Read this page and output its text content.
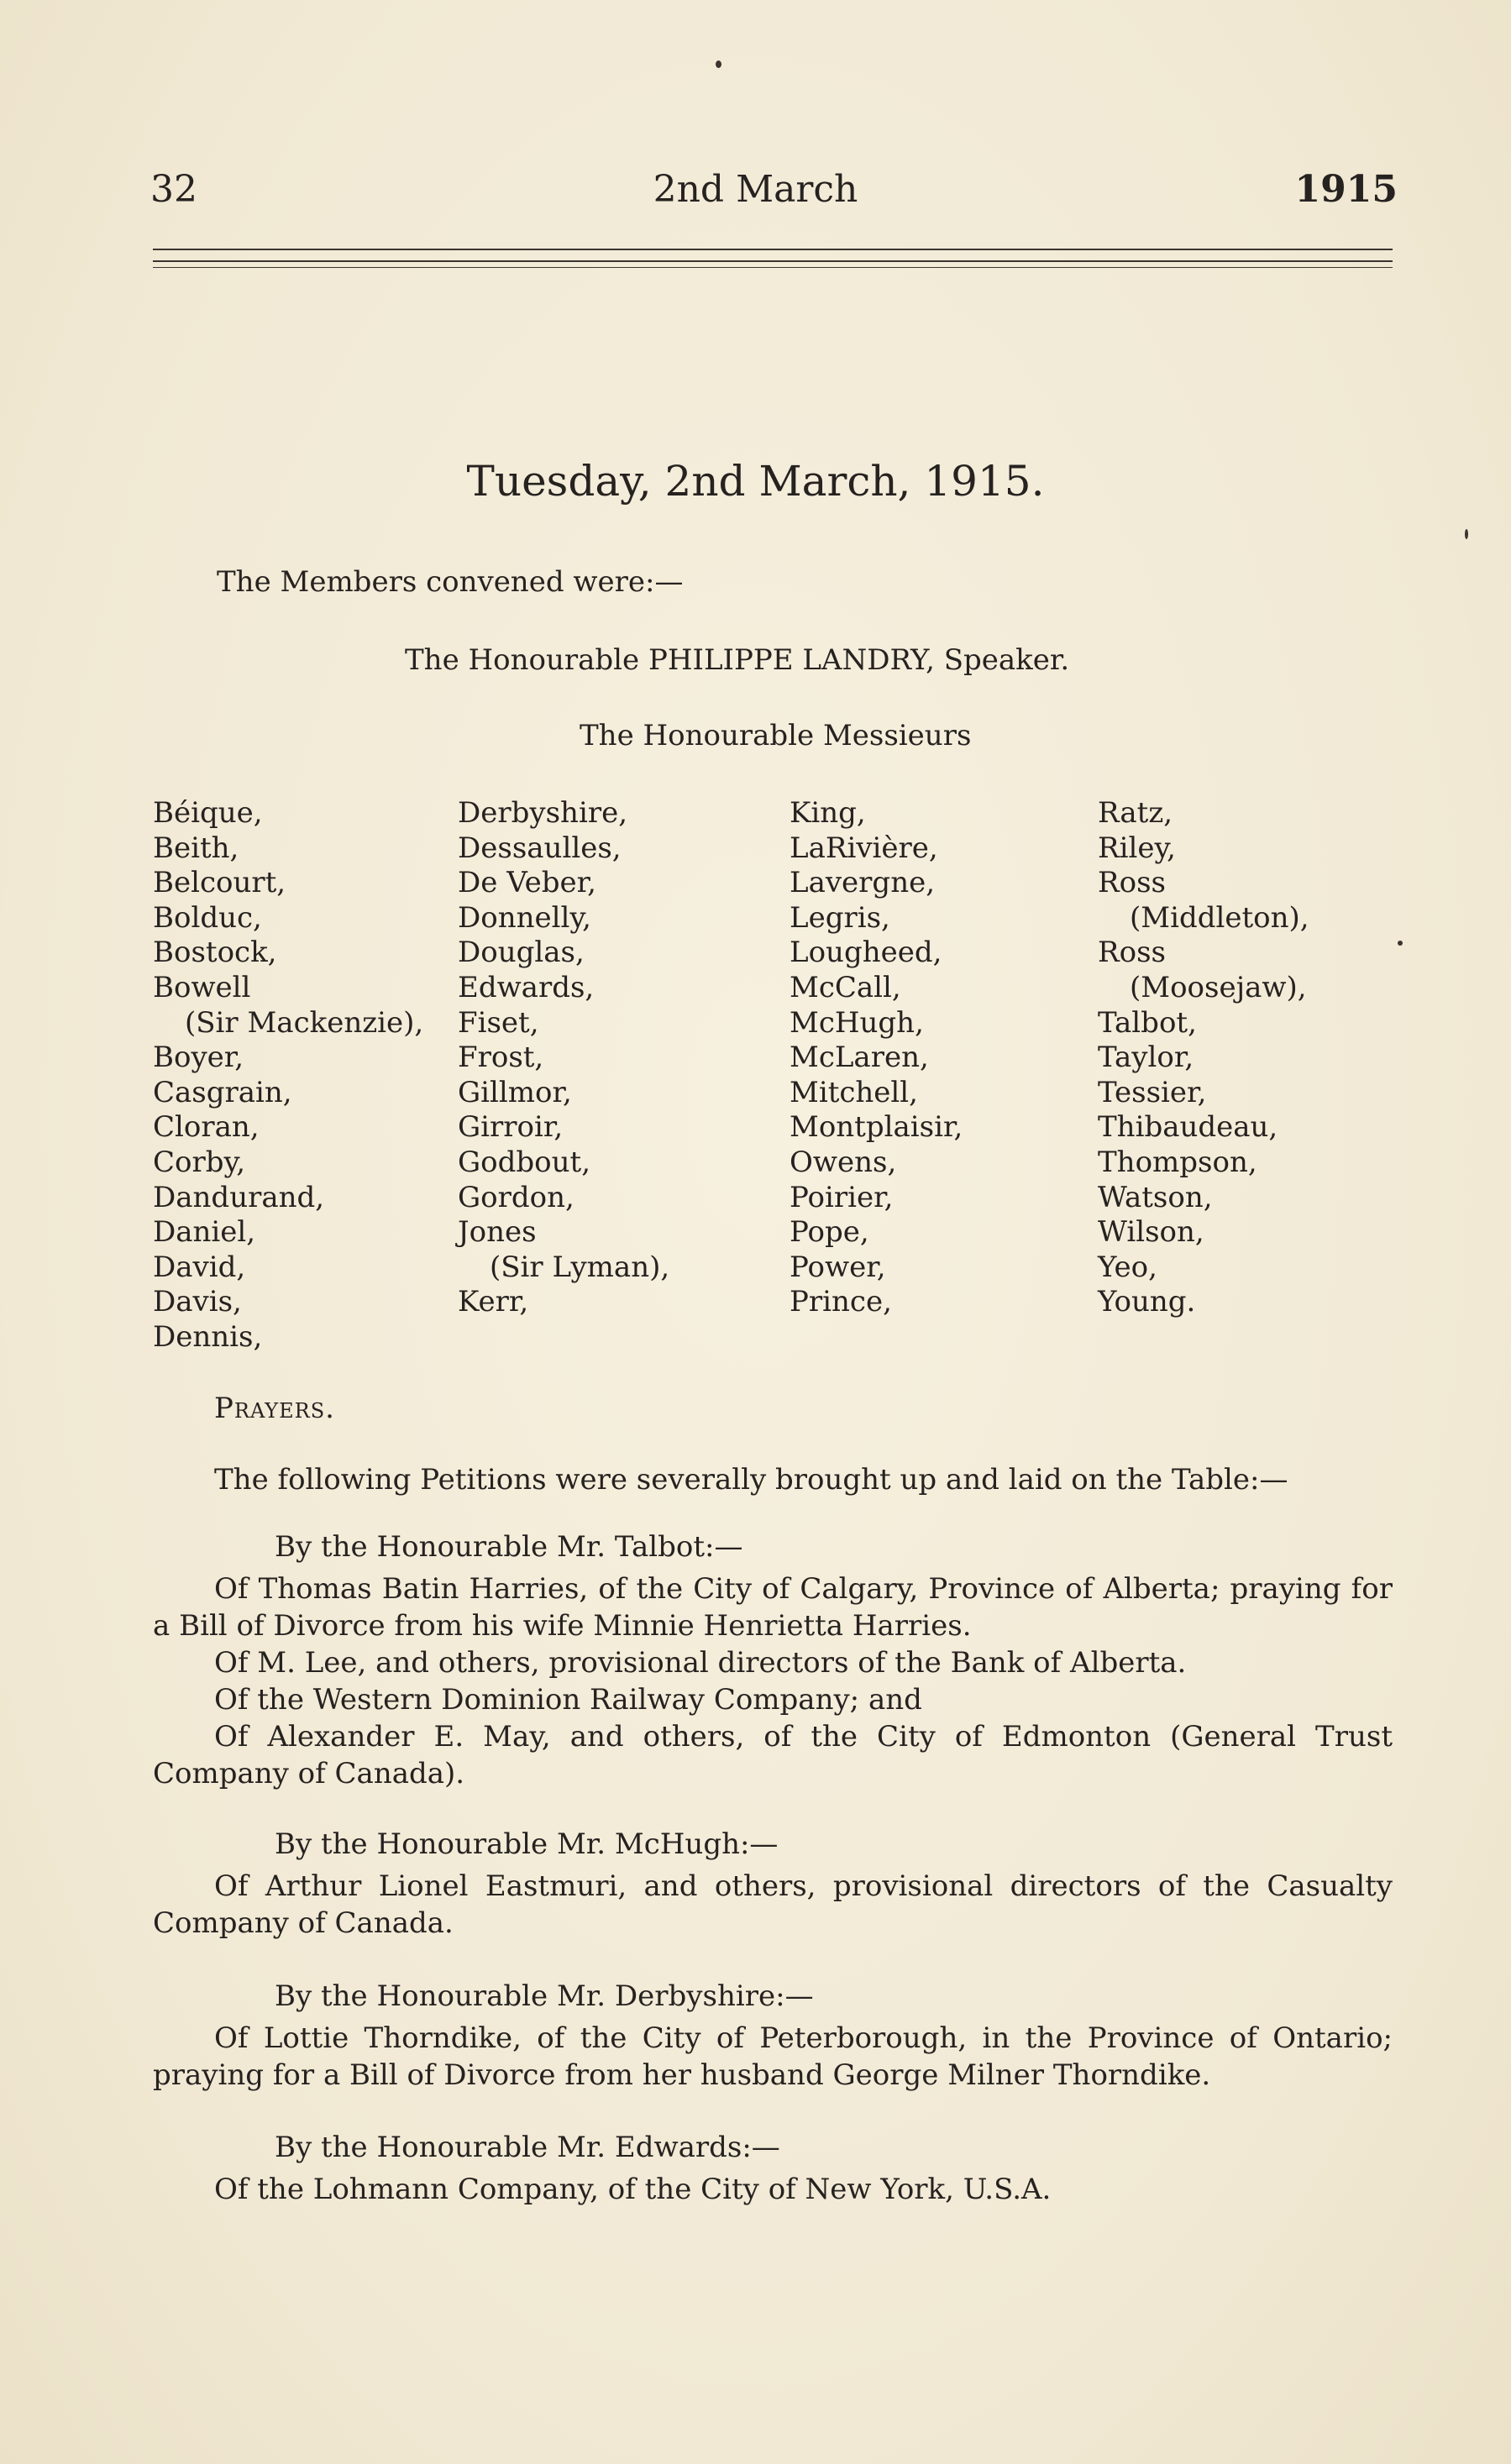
32	2nd March	1915
Tuesday, 2nd March, 1915.
The Members convened were:—
The Honourable PHILIPPE LANDRY, Speaker.
The Honourable Messieurs
Béique,
Beith,
Belcourt,
Bolduc,
Bostock,
Bowell
(Sir Mackenzie),
Boyer,
Casgrain,
Cloran,
Corby,
Dandurand,
Daniel,
David,
Davis,
Dennis,
Derbyshire,
Dessaulles,
De Veber,
Donnelly,
Douglas,
Edwards,
Fiset,
Frost,
Gillmor,
Girroir,
Godbout,
Gordon,
Jones
(Sir Lyman),
Kerr,
King,
LaRivière,
Lavergne,
Legris,
Lougheed,
McCall,
McHugh,
McLaren,
Mitchell,
Montplaisir,
Owens,
Poirier,
Pope,
Power,
Prince,
Ratz,
Riley,
Ross
(Middleton),
Ross
(Moosejaw),
Talbot,
Taylor,
Tessier,
Thibaudeau,
Thompson,
Watson,
Wilson,
Yeo,
Young.
Prayers.

The following Petitions were severally brought up and laid on the Table:—

By the Honourable Mr. Talbot:—

Of Thomas Batin Harries, of the City of Calgary, Province of Alberta; praying for a Bill of Divorce from his wife Minnie Henrietta Harries.

Of M. Lee, and others, provisional directors of the Bank of Alberta.

Of the Western Dominion Railway Company; and

Of Alexander E. May, and others, of the City of Edmonton (General Trust Company of Canada).

By the Honourable Mr. McHugh:—

Of Arthur Lionel Eastmuri, and others, provisional directors of the Casualty Company of Canada.

By the Honourable Mr. Derbyshire:—

Of Lottie Thorndike, of the City of Peterborough, in the Province of Ontario; praying for a Bill of Divorce from her husband George Milner Thorndike.

By the Honourable Mr. Edwards:—

Of the Lohmann Company, of the City of New York, U.S.A.
